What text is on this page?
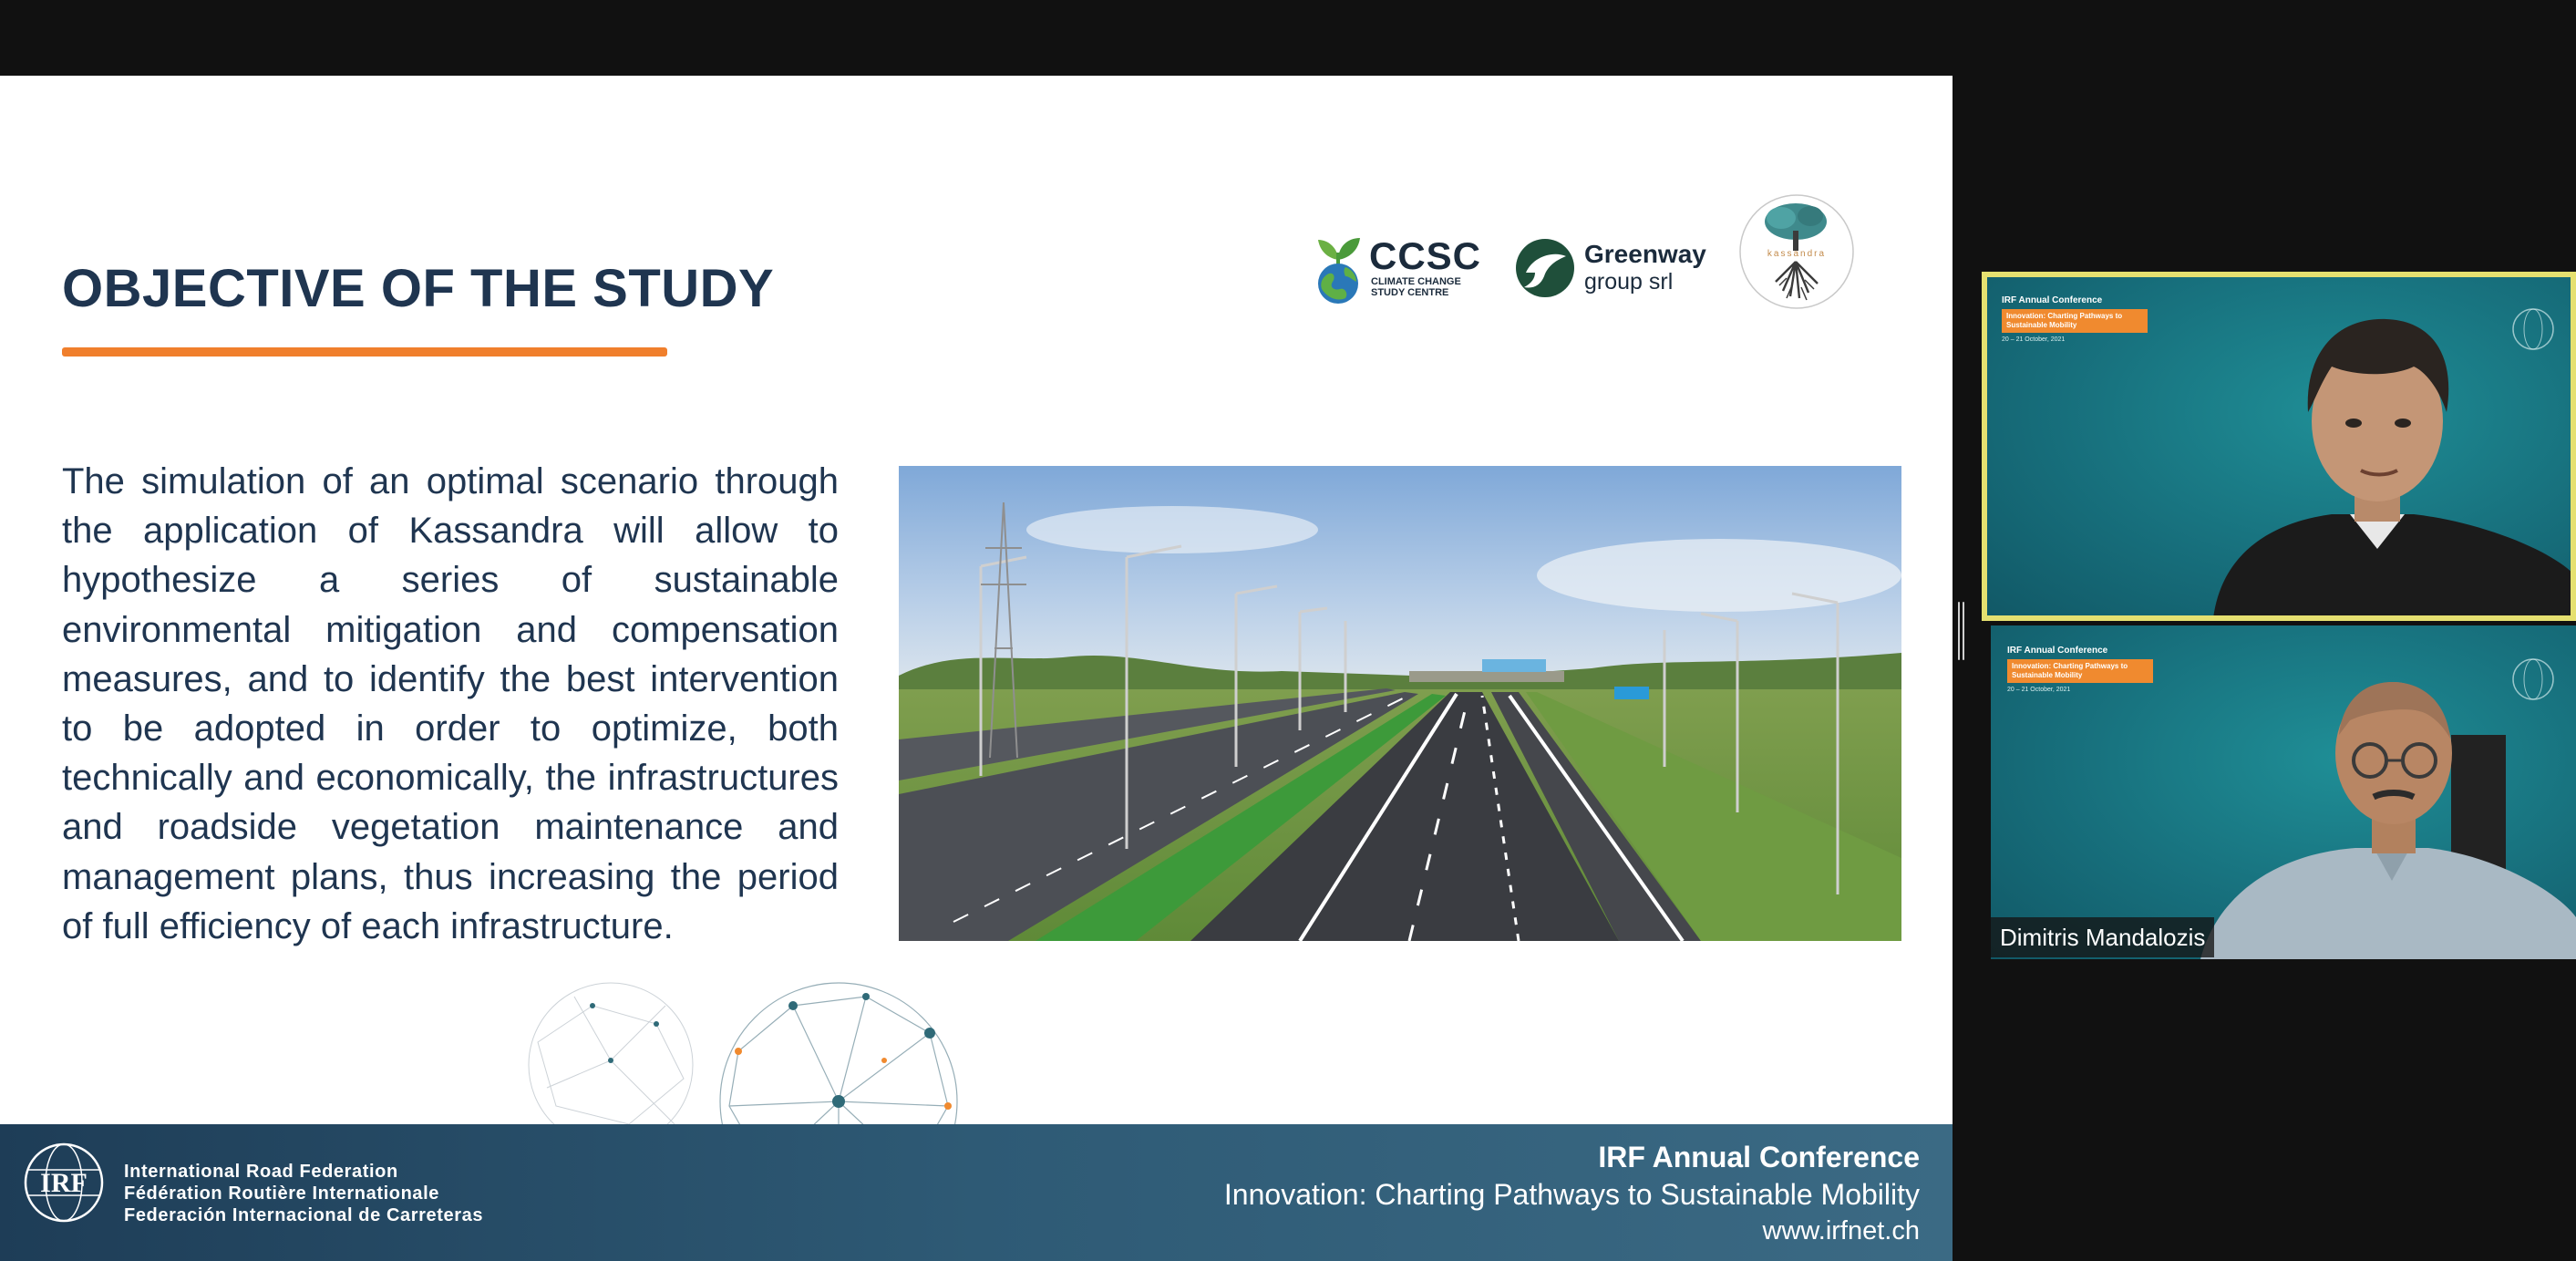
OBJECTIVE OF THE STUDY

The simulation of an optimal scenario through the application of Kassandra will allow to hypothesize a series of sustainable environmental mitigation and compensation measures, and to identify the best intervention to be adopted in order to optimize, both technically and economically, the infrastructures and roadside vegetation maintenance and management plans, thus increasing the period of full efficiency of each infrastructure.

CCSC
CLIMATE CHANGE STUDY CENTRE
Greenway
group srl
kassandra
IRF International Road Federation
Fédération Routière Internationale
Federación Internacional de Carreteras
IRF Annual Conference
Innovation: Charting Pathways to Sustainable Mobility
www.irfnet.ch
IRF Annual Conference
Innovation: Charting Pathways to Sustainable Mobility
20 – 21 October, 2021
IRF Annual Conference
Innovation: Charting Pathways to Sustainable Mobility
20 – 21 October, 2021
Dimitris Mandalozis
